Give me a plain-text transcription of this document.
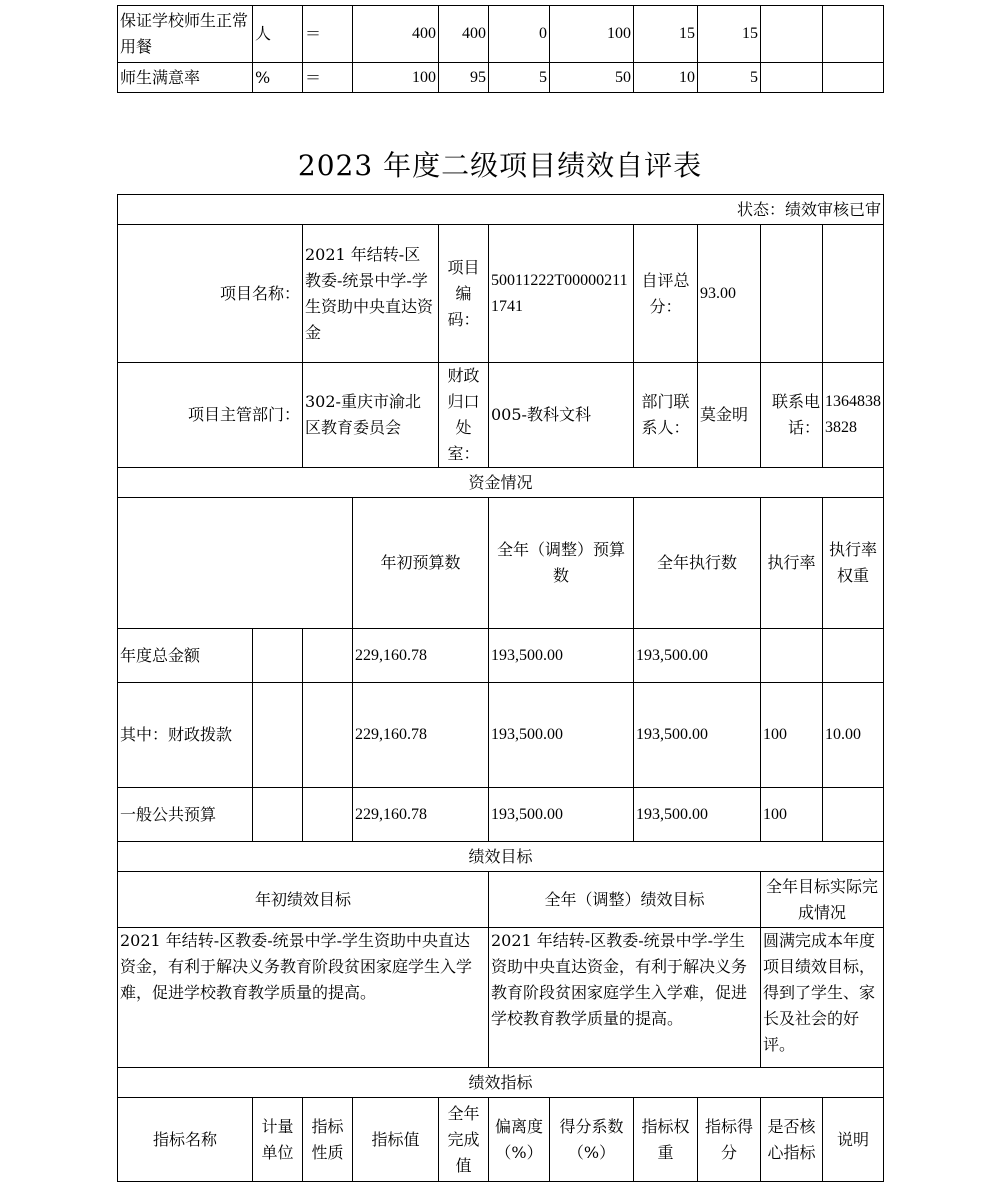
保证学校师生正常用餐	人	＝	400	400	0	100	15	15		
师生满意率	%	＝	100	95	5	50	10	5		
2023 年度二级项目绩效自评表
状态：绩效审核已审											
项目名称：		2021 年结转-区教委-统景中学-学生资助中央直达资金		项目编码：	50011222T000002111741		自评总分：	93.00			
项目主管部门：		302-重庆市渝北区教育委员会		财政归口处室：	005-教科文科		部门联系人：	莫金明	联系电话：	13648383828	
资金情况											
			年初预算数		全年（调整）预算数		全年执行数		执行率	执行率权重	
年度总金额			229,160.78		193,500.00		193,500.00				
其中：财政拨款			229,160.78		193,500.00		193,500.00		100	10.00	
一般公共预算			229,160.78		193,500.00		193,500.00		100		
绩效目标											
年初绩效目标					全年（调整）绩效目标				全年目标实际完成情况		
2021 年结转-区教委-统景中学-学生资助中央直达资金，有利于解决义务教育阶段贫困家庭学生入学难，促进学校教育教学质量的提高。					2021 年结转-区教委-统景中学-学生资助中央直达资金，有利于解决义务教育阶段贫困家庭学生入学难，促进学校教育教学质量的提高。				圆满完成本年度项目绩效目标，得到了学生、家长及社会的好评。		
绩效指标											
指标名称	计量单位	指标性质	指标值	全年完成值	偏离度（%）	得分系数（%）	指标权重	指标得分	是否核心指标	说明	
